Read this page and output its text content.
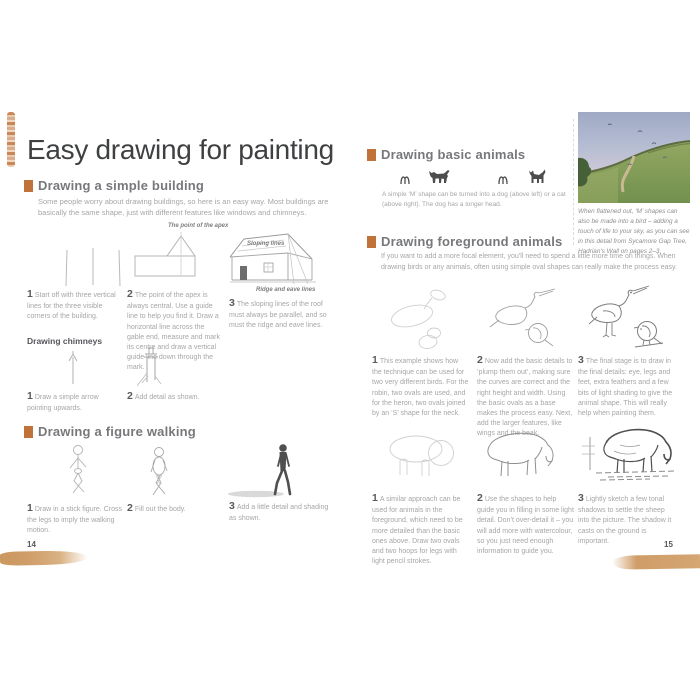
Easy drawing for painting
Drawing a simple building

Some people worry about drawing buildings, so here is an easy way. Most buildings are basically the same shape, just with different features like windows and chimneys.

The point of the apex
Sloping lines
Ridge and eave lines

1 Start off with three vertical lines for the three visible corners of the building.

2 The point of the apex is always central. Use a guide line to help you find it. Draw a horizontal line across the gable end, measure and mark its centre and draw a vertical guide line down through the mark.

3 The sloping lines of the roof must always be parallel, and so must the ridge and eave lines.

Drawing chimneys

1 Draw a simple arrow pointing upwards.

2 Add detail as shown.

Drawing a figure walking

1 Draw in a stick figure. Cross the legs to imply the walking motion.

2 Fill out the body.	3 Add a little detail and shading as shown.

14
Drawing basic animals

A simple ‘M’ shape can be turned into a dog (above left) or a cat (above right). The dog has a longer head.

When flattened out, ‘M’ shapes can also be made into a bird – adding a touch of life to your sky, as you can see in this detail from Sycamore Gap Tree, Hadrian’s Wall on pages 2–3.

Drawing foreground animals

If you want to add a more focal element, you’ll need to spend a little more time on things. When drawing birds or any animals, often using simple oval shapes can really make the process easy.

1 This example shows how the technique can be used for two very different birds. For the robin, two ovals are used, and for the heron, two ovals joined by an ‘S’ shape for the neck.

2 Now add the basic details to ‘plump them out’, making sure the curves are correct and the right height and width. Using the basic ovals as a base makes the process easy. Next, add the larger features, like wings and the beak.

3 The final stage is to draw in the final details: eye, legs and feet, extra feathers and a few bits of light shading to give the animal shape. This will really help when painting them.

1 A similar approach can be used for animals in the foreground, which need to be more detailed than the basic ones above. Draw two ovals and two hoops for legs with light pencil strokes.

2 Use the shapes to help guide you in filling in some light detail. Don’t over-detail it – you will add more with watercolour, so you just need enough information to guide you.

3 Lightly sketch a few tonal shadows to settle the sheep into the picture. The shadow it casts on the ground is important.	15
